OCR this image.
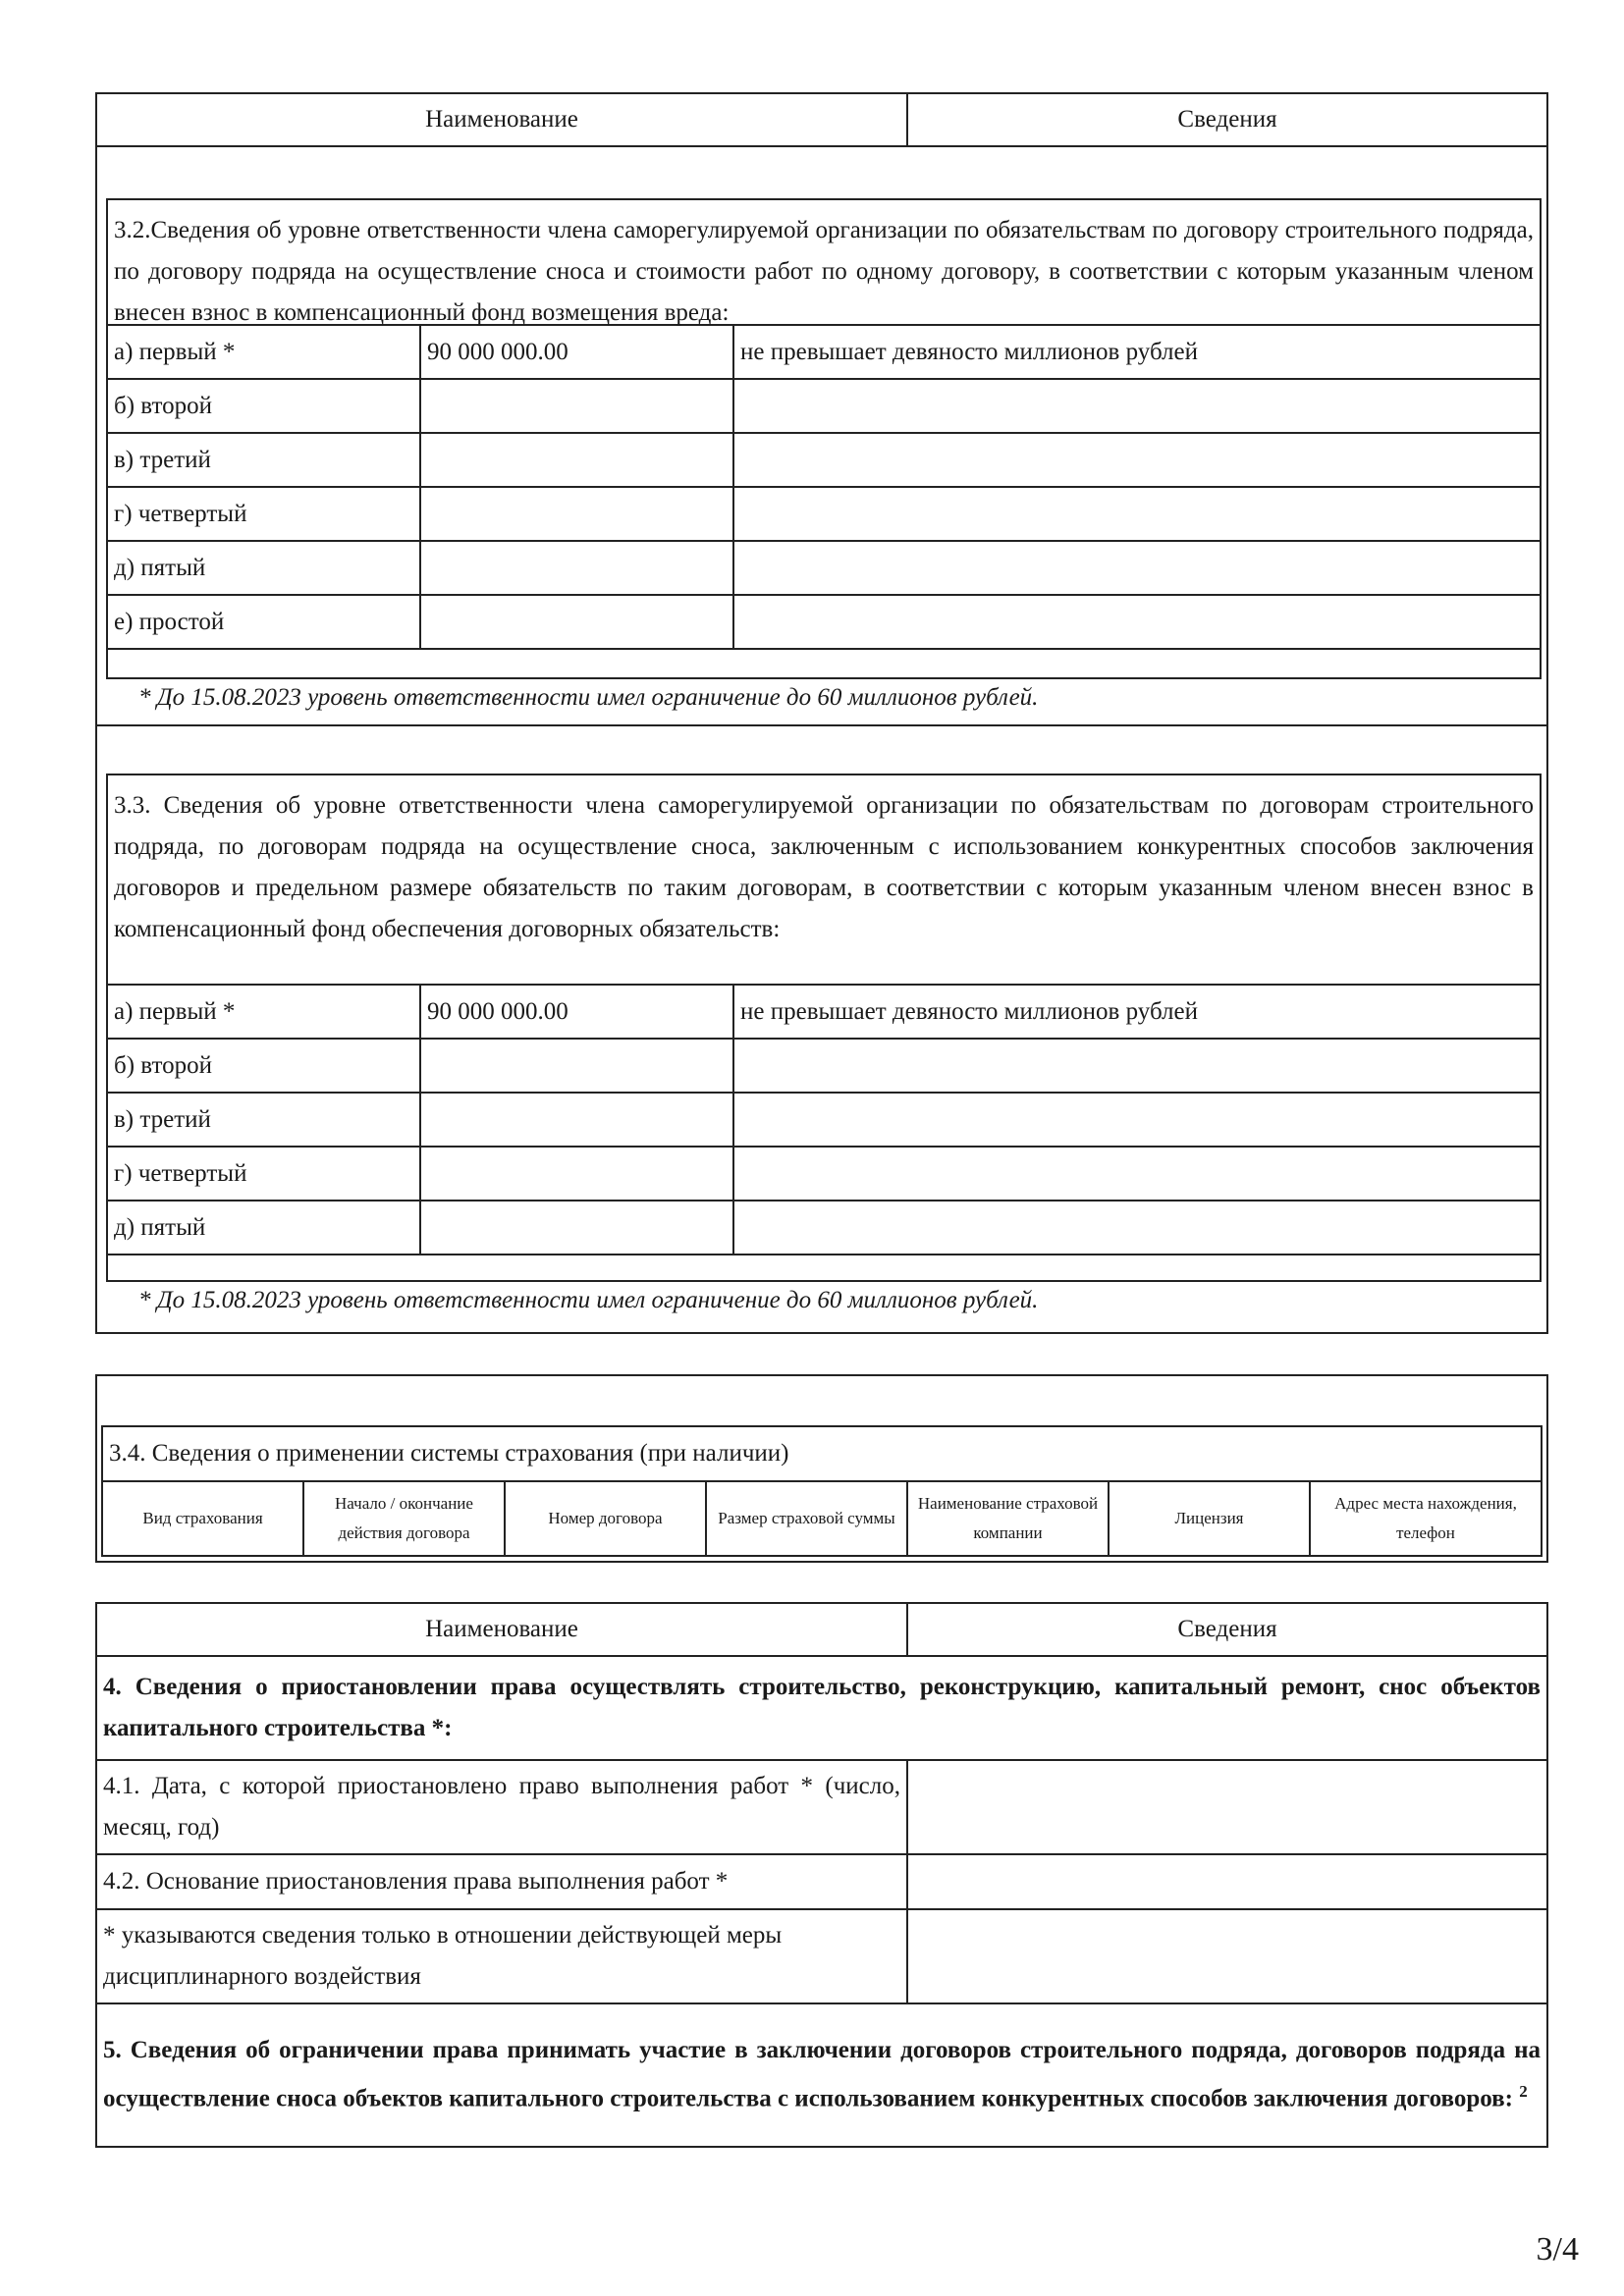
Наименование	Сведения
3.2.Сведения об уровне ответственности члена саморегулируемой организации по обязательствам по договору строительного подряда, по договору подряда на осуществление сноса и стоимости работ по одному договору, в соответствии с которым указанным членом внесен взнос в компенсационный фонд возмещения вреда:
а) первый *	90 000 000.00	не превышает девяносто миллионов рублей
б) второй		
в) третий		
г) четвертый		
д) пятый		
е) простой		
* До 15.08.2023 уровень ответственности имел ограничение до 60 миллионов рублей.
3.3. Сведения об уровне ответственности члена саморегулируемой организации по обязательствам по договорам строительного подряда, по договорам подряда на осуществление сноса, заключенным с использованием конкурентных способов заключения договоров и предельном размере обязательств по таким договорам, в соответствии с которым указанным членом внесен взнос в компенсационный фонд обеспечения договорных обязательств:
а) первый *	90 000 000.00	не превышает девяносто миллионов рублей
б) второй		
в) третий		
г) четвертый		
д) пятый		
* До 15.08.2023 уровень ответственности имел ограничение до 60 миллионов рублей.
3.4. Сведения о применении системы страхования (при наличии)
Вид страхования	Начало / окончание действия договора	Номер договора	Размер страховой суммы	Наименование страховой компании	Лицензия	Адрес места нахождения, телефон
Наименование	Сведения
4. Сведения о приостановлении права осуществлять строительство, реконструкцию, капитальный ремонт, снос объектов капитального строительства *:	
4.1. Дата, с которой приостановлено право выполнения работ * (число, месяц, год)	
4.2. Основание приостановления права выполнения работ *	
* указываются сведения только в отношении действующей меры дисциплинарного воздействия	
5. Сведения об ограничении права принимать участие в заключении договоров строительного подряда, договоров подряда на осуществление сноса объектов капитального строительства с использованием конкурентных способов заключения договоров: $^2$
3/4
